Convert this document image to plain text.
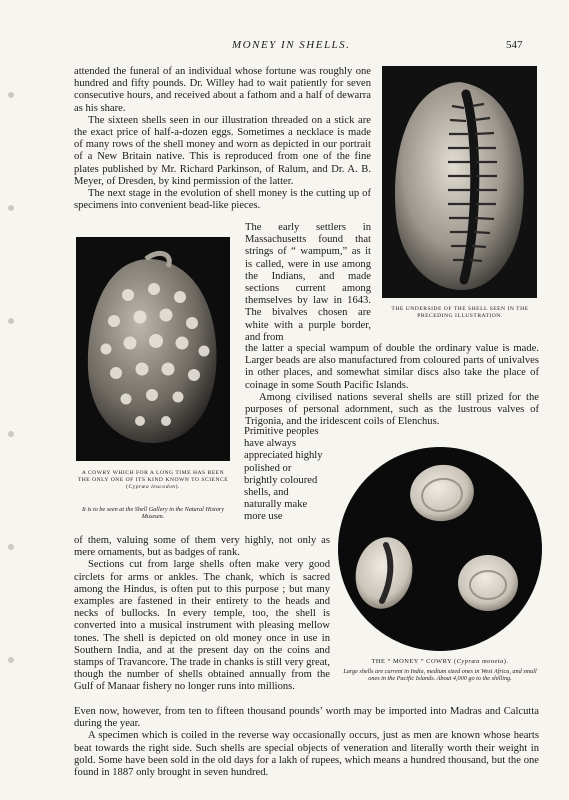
MONEY IN SHELLS.	547

attended the funeral of an individual whose fortune was roughly one hundred and fifty pounds. Dr. Willey had to wait patiently for seven consecutive hours, and received about a fathom and a half of dewarra as his share.

The sixteen shells seen in our illustration threaded on a stick are the exact price of half-a-dozen eggs. Sometimes a necklace is made of many rows of the shell money and worn as depicted in our portrait of a New Britain native. This is reproduced from one of the fine plates published by Mr. Richard Parkinson, of Ralum, and Dr. A. B. Meyer, of Dresden, by kind permission of the latter.

The next stage in the evolution of shell money is the cutting up of specimens into convenient bead-like pieces.

THE UNDERSIDE OF THE SHELL SEEN IN THE PRECEDING ILLUSTRATION.

The early settlers in Massachusetts found that strings of “ wampum,” as it is called, were in use among the Indians, and made sections current among themselves by law in 1643. The bivalves chosen are white with a purple border, and from

the latter a special wampum of double the ordinary value is made. Larger beads are also manufactured from coloured parts of univalves in other places, and somewhat similar discs also take the place of coinage in some South Pacific Islands.

Among civilised nations several shells are still prized for the purposes of personal adornment, such as the lustrous valves of Trigonia, and the iridescent coils of Elenchus.

A COWRY WHICH FOR A LONG TIME HAS BEEN THE ONLY ONE OF ITS KIND KNOWN TO SCIENCE (Cypræa leucodon).
It is to be seen at the Shell Gallery in the Natural History Museum.

Primitive peoples have always appreciated highly polished or brightly coloured shells, and naturally make more use

THE “ MONEY ” COWRY (Cypræa moneta).
Large shells are current in India, medium sized ones in West Africa, and small ones in the Pacific Islands. About 4,000 go to the shilling.

of them, valuing some of them very highly, not only as mere ornaments, but as badges of rank.

Sections cut from large shells often make very good circlets for arms or ankles. The chank, which is sacred among the Hindus, is often put to this purpose ; but many examples are fastened in their entirety to the heads and necks of bullocks. In every temple, too, the shell is converted into a musical instrument with pleasing mellow tones. The shell is depicted on old money once in use in Southern India, and at the present day on the coins and stamps of Travancore. The trade in chanks is still very great, though the number of shells obtained annually from the Gulf of Manaar fishery no longer runs into millions.

Even now, however, from ten to fifteen thousand pounds’ worth may be imported into Madras and Calcutta during the year.

A specimen which is coiled in the reverse way occasionally occurs, just as men are known whose hearts beat towards the right side. Such shells are special objects of veneration and literally worth their weight in gold. Some have been sold in the old days for a lakh of rupees, which means a hundred thousand, but the one found in 1887 only brought in seven hundred.
